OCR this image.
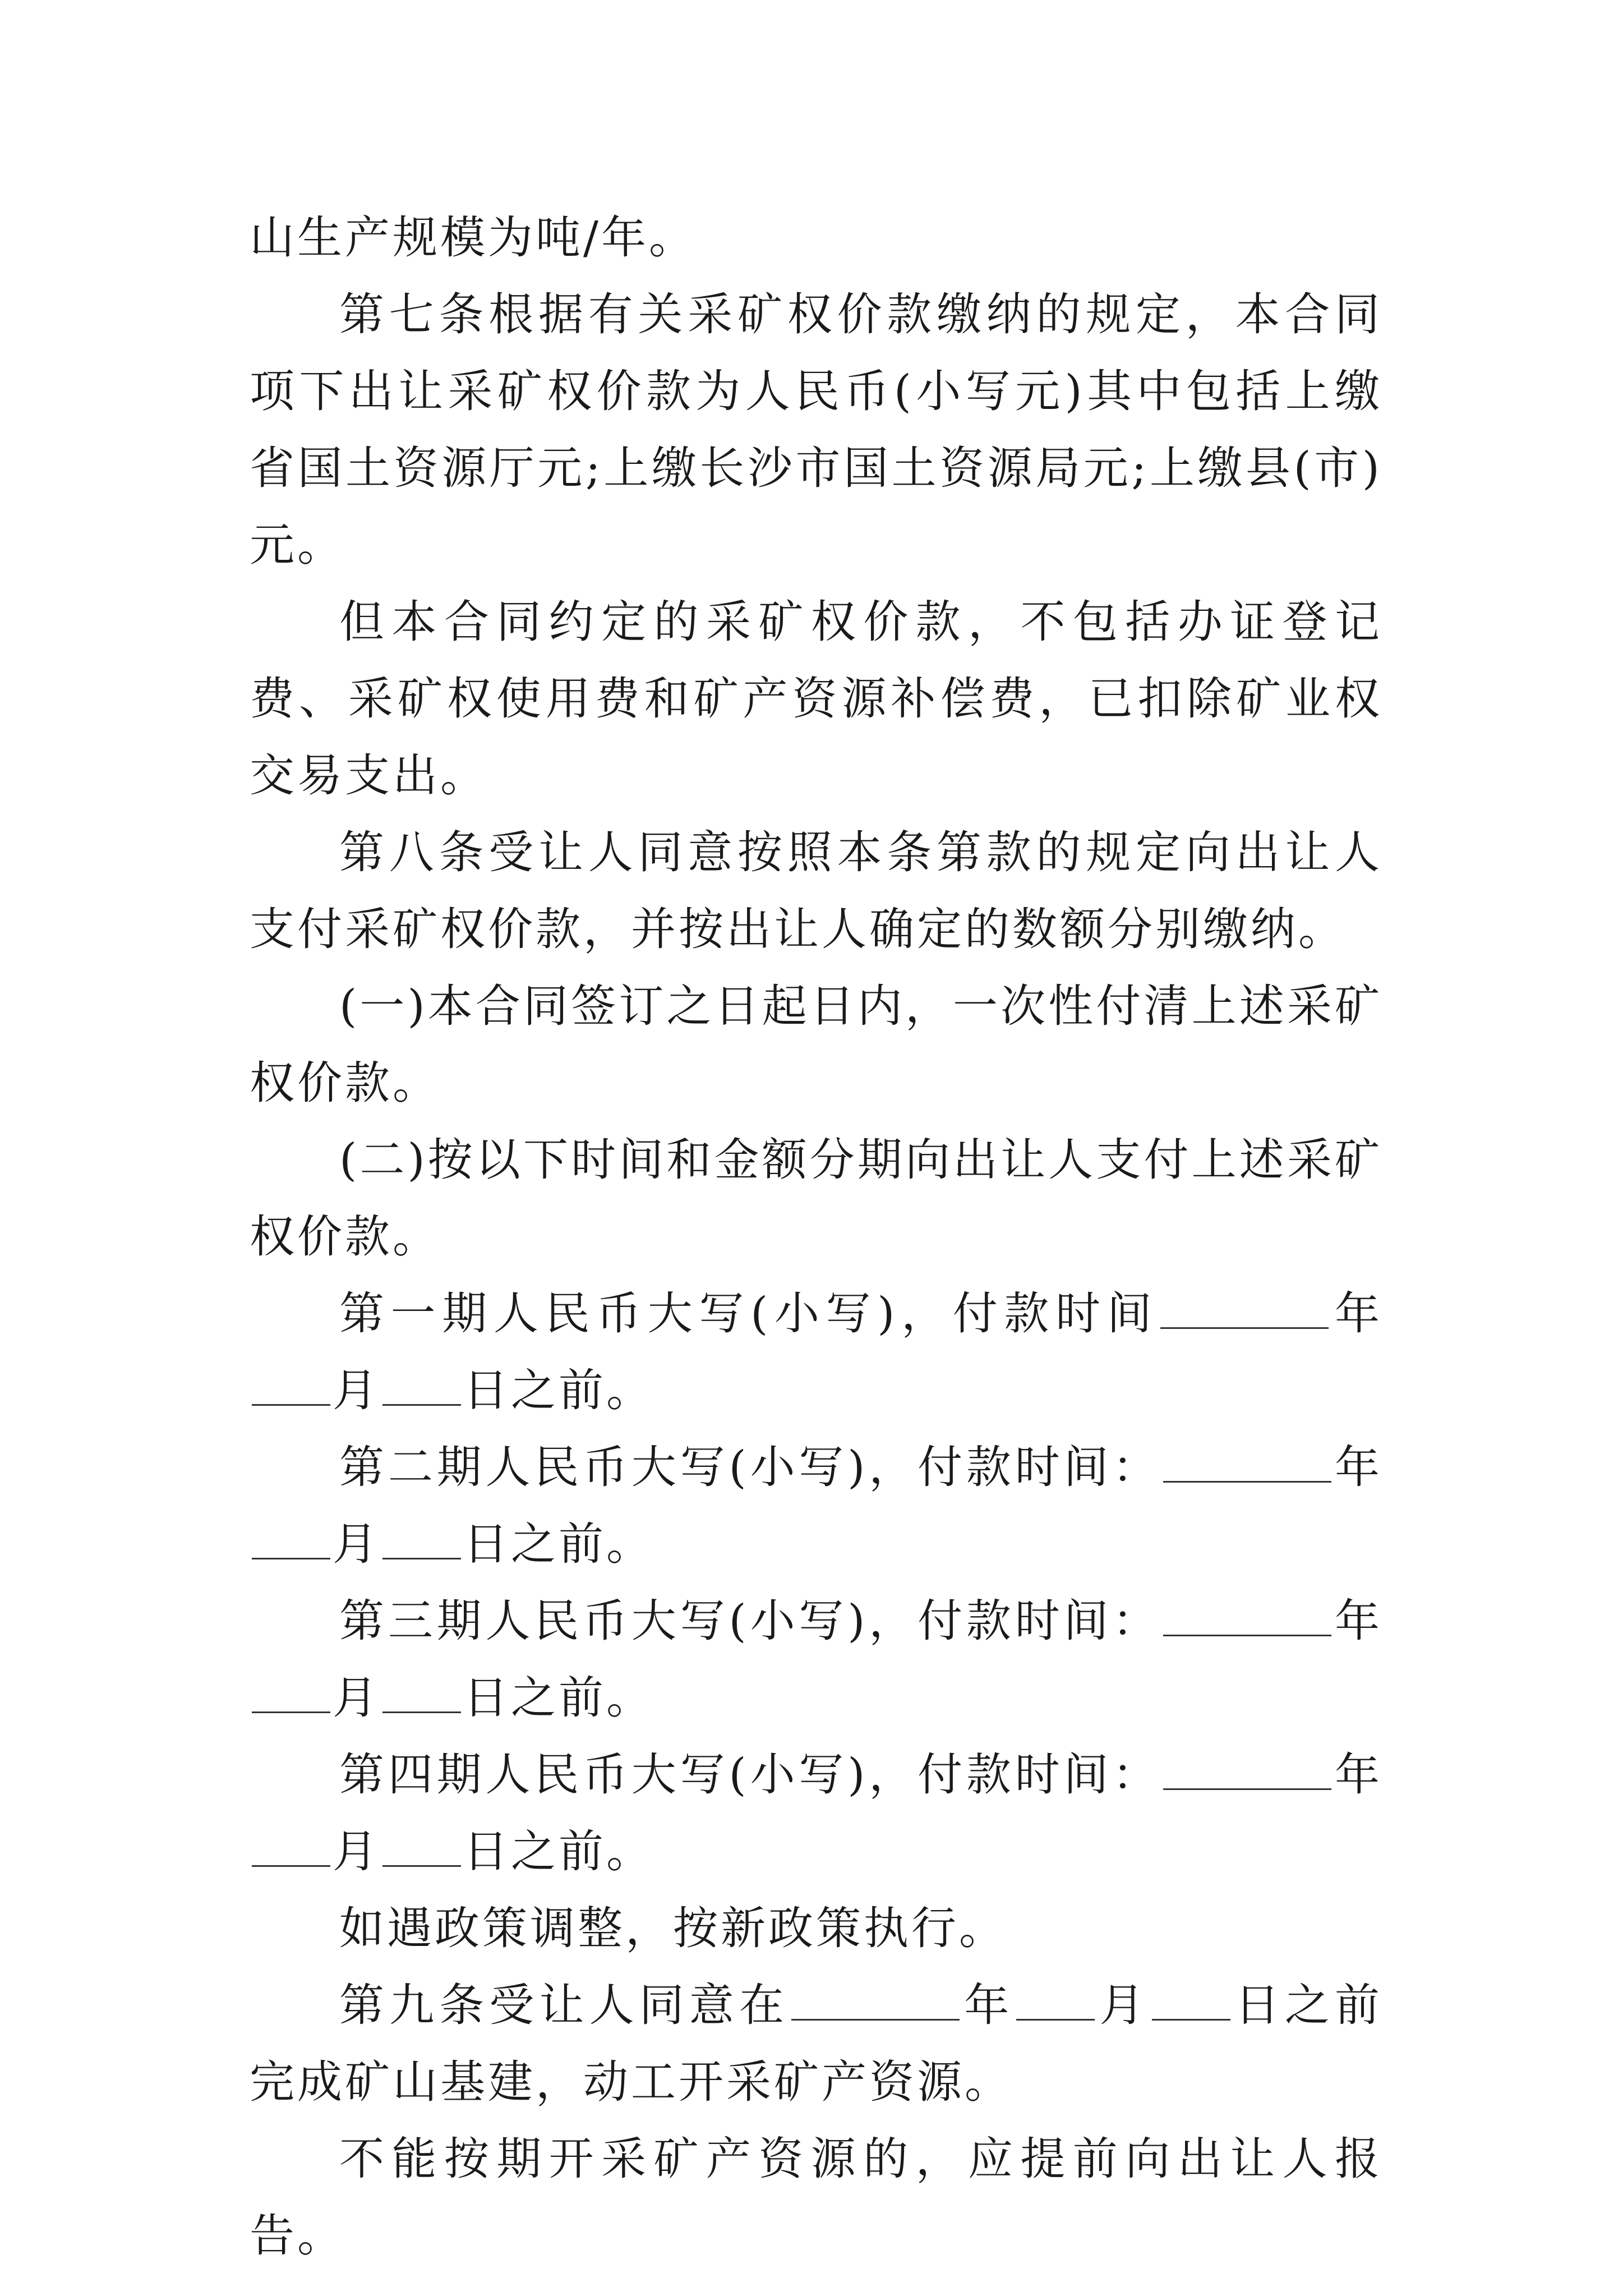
山生产规模为吨/年。

第七条根据有关采矿权价款缴纳的规定，本合同项下出让采矿权价款为人民币(小写元)其中包括上缴省国土资源厅元;上缴长沙市国土资源局元;上缴县(市)元。

但本合同约定的采矿权价款，不包括办证登记费、采矿权使用费和矿产资源补偿费，已扣除矿业权交易支出。

第八条受让人同意按照本条第款的规定向出让人支付采矿权价款，并按出让人确定的数额分别缴纳。

(一)本合同签订之日起日内，一次性付清上述采矿权价款。

(二)按以下时间和金额分期向出让人支付上述采矿权价款。

第一期人民币大写(小写)，付款时间	年月 日之前。

第二期人民币大写(小写)，付款时间：	年月 日之前。

第三期人民币大写(小写)，付款时间：	年月 日之前。

第四期人民币大写(小写)，付款时间：	年月 日之前。

如遇政策调整，按新政策执行。

第九条受让人同意在	年 月 日之前完成矿山基建，动工开采矿产资源。

不能按期开采矿产资源的，应提前向出让人报告。
